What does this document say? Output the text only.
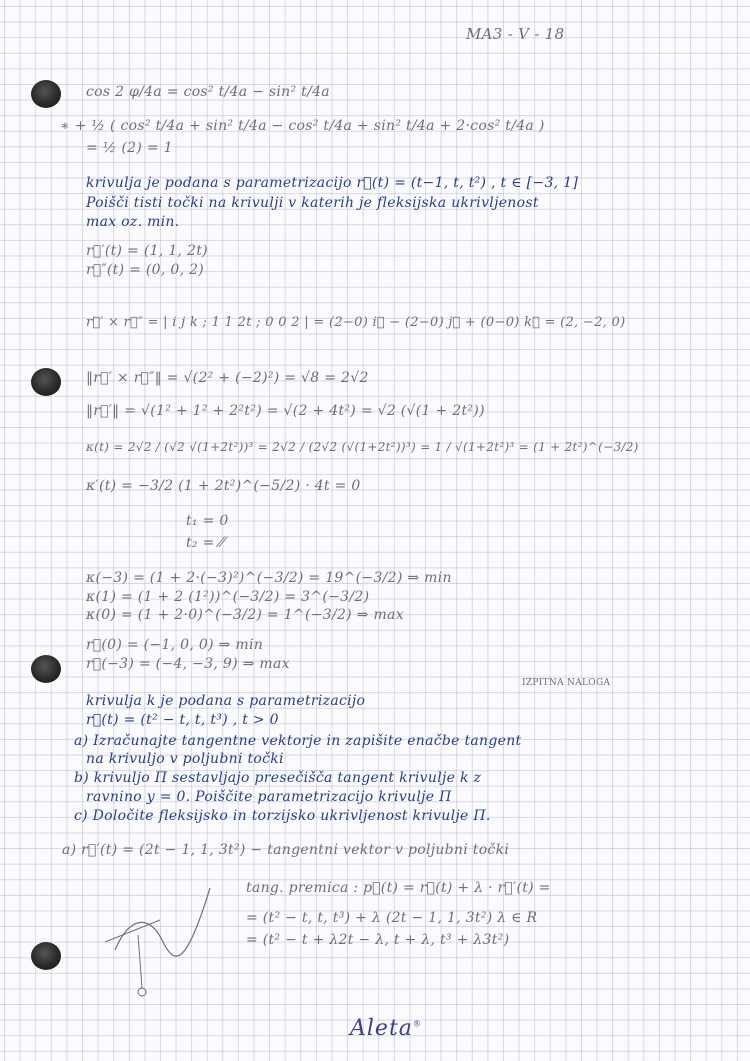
MA3 - V - 18
cos 2 φ/4a = cos² t/4a − sin² t/4a
∗ + ½ ( cos² t/4a + sin² t/4a − cos² t/4a + sin² t/4a + 2·cos² t/4a )
= ½ (2) = 1
krivulja je podana s parametrizacijo r⃗(t) = (t−1, t, t²) , t ∈ [−3, 1]
Poišči tisti točki na krivulji v katerih je fleksijska ukrivljenost
max oz. min.
r⃗′(t) = (1, 1, 2t)
r⃗″(t) = (0, 0, 2)
r⃗′ × r⃗″ = | i j k ; 1 1 2t ; 0 0 2 | = (2−0) i⃗ − (2−0) j⃗ + (0−0) k⃗ = (2, −2, 0)
‖r⃗′ × r⃗″‖ = √(2² + (−2)²) = √8 = 2√2
‖r⃗′‖ = √(1² + 1² + 2²t²) = √(2 + 4t²) = √2 (√(1 + 2t²))
κ(t) = 2√2 / (√2 √(1+2t²))³ = 2√2 / (2√2 (√(1+2t²))³) = 1 / √(1+2t²)³ = (1 + 2t²)^(−3/2)
κ′(t) = −3/2 (1 + 2t²)^(−5/2) · 4t = 0
t₁ = 0
t₂ = ⁄⁄
κ(−3) = (1 + 2·(−3)²)^(−3/2) = 19^(−3/2) ⇒ min
κ(1) = (1 + 2 (1²))^(−3/2) = 3^(−3/2)
κ(0) = (1 + 2·0)^(−3/2) = 1^(−3/2) ⇒ max
r⃗(0) = (−1, 0, 0) ⇒ min
r⃗(−3) = (−4, −3, 9) ⇒ max
IZPITNA NALOGA
krivulja k je podana s parametrizacijo
r⃗(t) = (t² − t, t, t³) , t > 0
a) Izračunajte tangentne vektorje in zapišite enačbe tangent
na krivuljo v poljubni točki
b) krivuljo Π sestavljajo presečišča tangent krivulje k z
ravnino y = 0. Poiščite parametrizacijo krivulje Π
c) Določite fleksijsko in torzijsko ukrivljenost krivulje Π.
a) r⃗′(t) = (2t − 1, 1, 3t²) − tangentni vektor v poljubni točki
tang. premica : p⃗(t) = r⃗(t) + λ · r⃗′(t) =
= (t² − t, t, t³) + λ (2t − 1, 1, 3t²) λ ∈ R
= (t² − t + λ2t − λ, t + λ, t³ + λ3t²)
Aleta®
